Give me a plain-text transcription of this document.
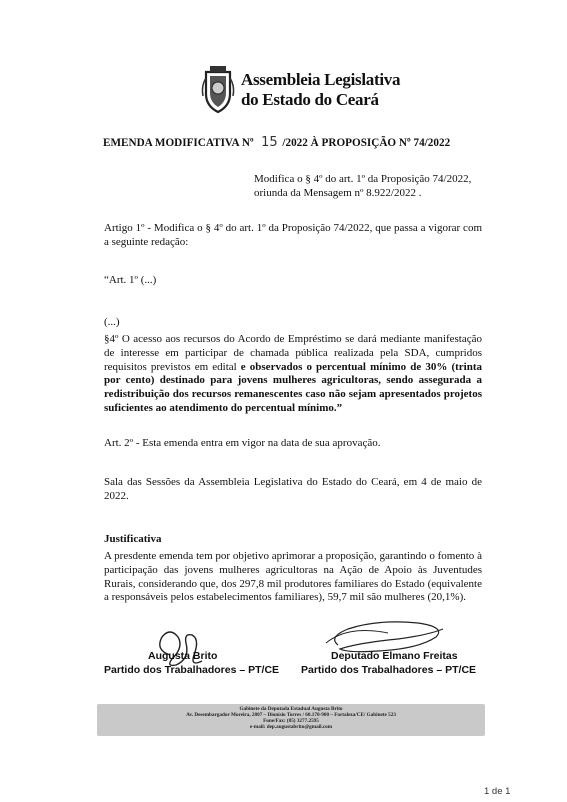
Assembleia Legislativa
do Estado do Ceará
EMENDA MODIFICATIVA Nº 15 /2022 À PROPOSIÇÃO Nº 74/2022
Modifica o § 4º do art. 1º da Proposição 74/2022, oriunda da Mensagem nº 8.922/2022 .
Artigo 1º - Modifica o § 4º do art. 1º da Proposição 74/2022, que passa a vigorar com a seguinte redação:
“Art. 1º (...)
(...)
§4º O acesso aos recursos do Acordo de Empréstimo se dará mediante manifestação de interesse em participar de chamada pública realizada pela SDA, cumpridos requisitos previstos em edital e observados o percentual mínimo de 30% (trinta por cento) destinado para jovens mulheres agricultoras, sendo assegurada a redistribuição dos recursos remanescentes caso não sejam apresentados projetos suficientes ao atendimento do percentual mínimo.”
Art. 2º - Esta emenda entra em vigor na data de sua aprovação.
Sala das Sessões da Assembleia Legislativa do Estado do Ceará, em 4 de maio de 2022.
Justificativa
A presdente emenda tem por objetivo aprimorar a proposição, garantindo o fomento à participação das jovens mulheres agricultoras na Ação de Apoio às Juventudes Rurais, considerando que, dos 297,8 mil produtores familiares do Estado (equivalente a responsáveis pelos estabelecimentos familiares), 59,7 mil são mulheres (20,1%).
Augusta Brito
Partido dos Trabalhadores – PT/CE
Deputado Elmano Freitas
Partido dos Trabalhadores – PT/CE
Gabinete da Deputada Estadual Augusta Brito
Av. Desembargador Moreira, 2807 – Dionísio Torres / 60.170-900 – Fortaleza/CE/ Gabinete 523
Fone/Fax: (85) 3277.2595
e-mail: dep.augustabrito@gmail.com
1 de 1
